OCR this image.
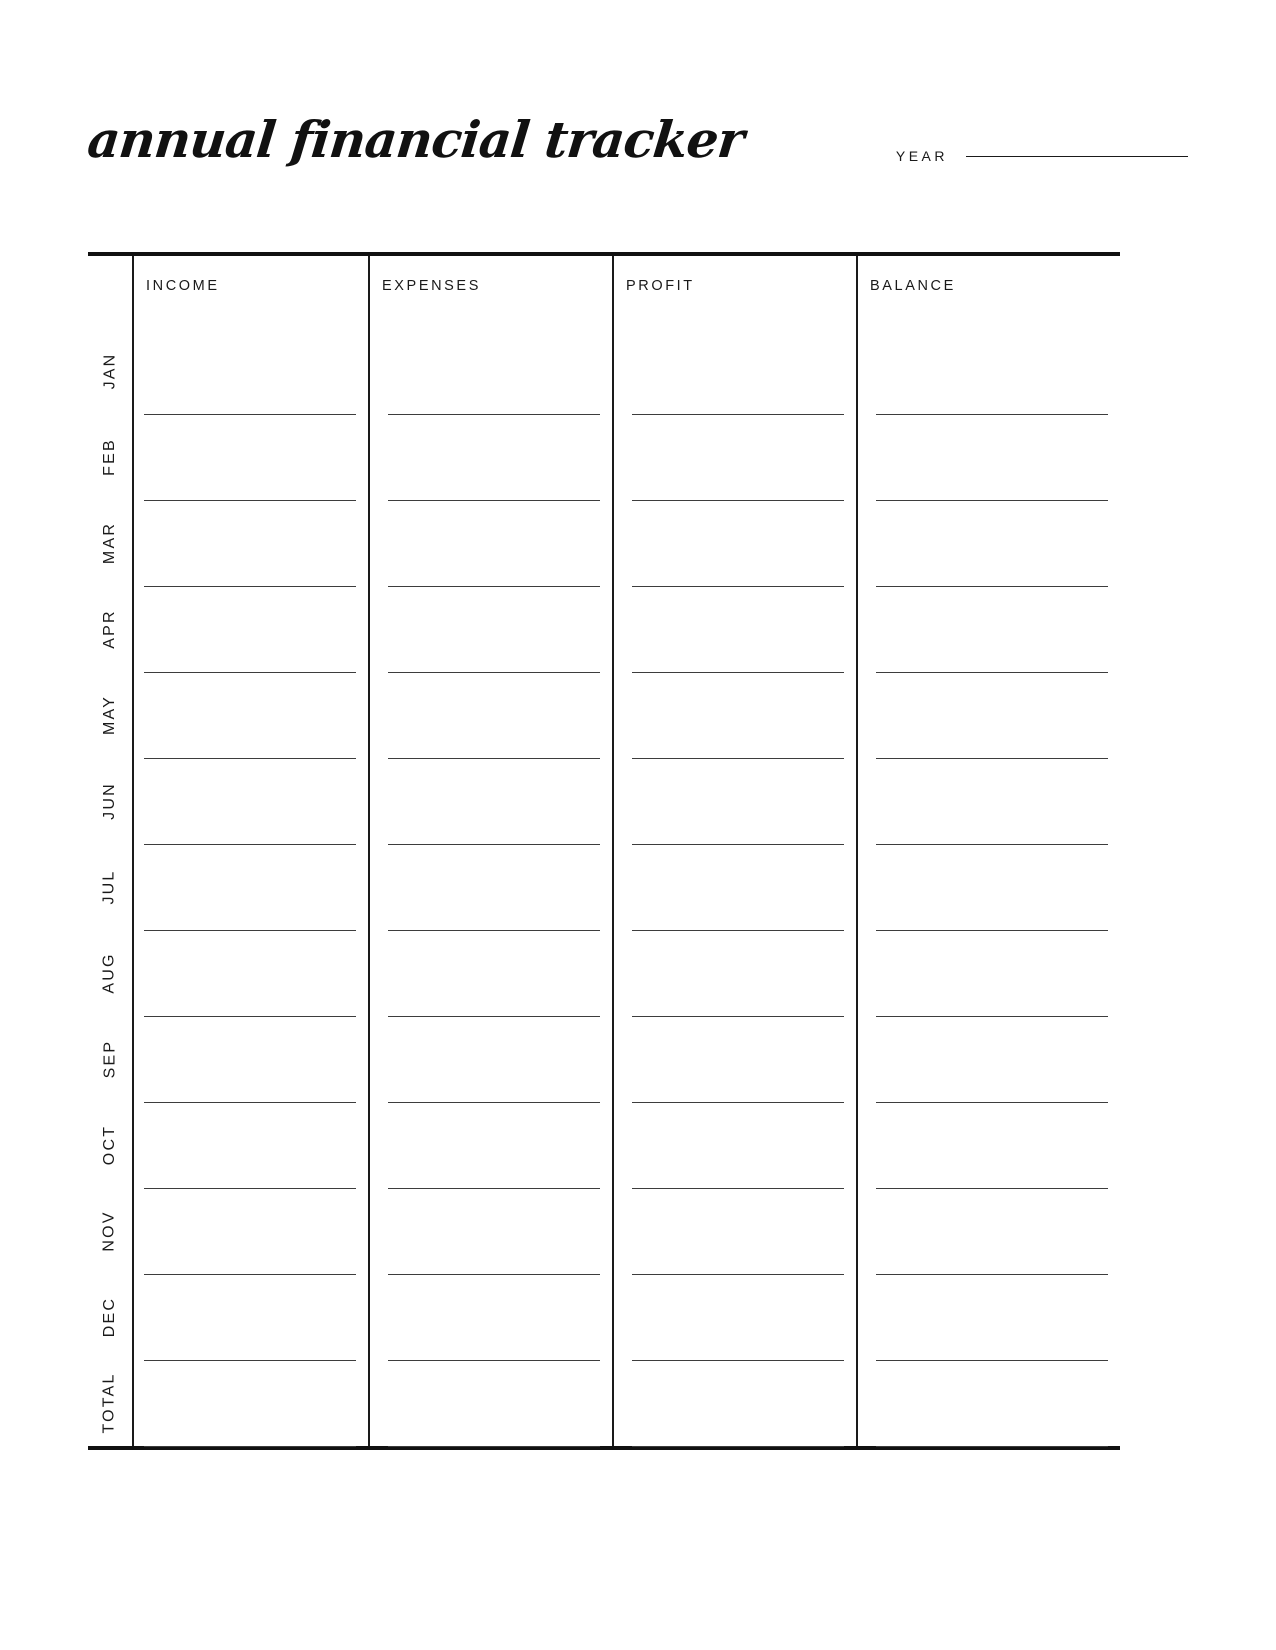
annual financial tracker	YEAR
INCOME	EXPENSES	PROFIT	BALANCE
JAN
FEB
MAR
APR
MAY
JUN
JUL
AUG
SEP
OCT
NOV
DEC
TOTAL
